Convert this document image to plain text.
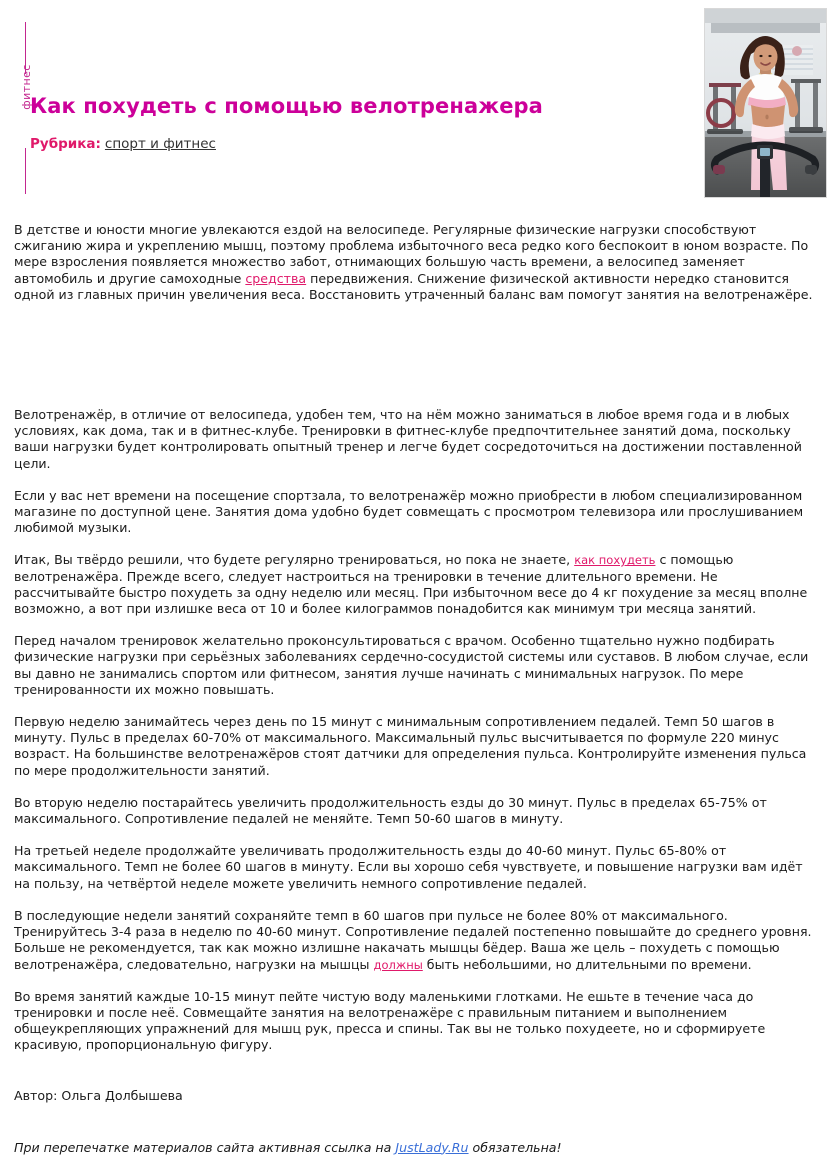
фитнес
Как похудеть с помощью велотренажера
Рубрика: спорт и фитнес

В детстве и юности многие увлекаются ездой на велосипеде. Регулярные физические нагрузки способствуют сжиганию жира и укреплению мышц, поэтому проблема избыточного веса редко кого беспокоит в юном возрасте. По мере взросления появляется множество забот, отнимающих большую часть времени, а велосипед заменяет автомобиль и другие самоходные средства передвижения. Снижение физической активности нередко становится одной из главных причин увеличения веса. Восстановить утраченный баланс вам помогут занятия на велотренажёре.

Велотренажёр, в отличие от велосипеда, удобен тем, что на нём можно заниматься в любое время года и в любых условиях, как дома, так и в фитнес-клубе. Тренировки в фитнес-клубе предпочтительнее занятий дома, поскольку ваши нагрузки будет контролировать опытный тренер и легче будет сосредоточиться на достижении поставленной цели.

Если у вас нет времени на посещение спортзала, то велотренажёр можно приобрести в любом специализированном магазине по доступной цене. Занятия дома удобно будет совмещать с просмотром телевизора или прослушиванием любимой музыки.

Итак, Вы твёрдо решили, что будете регулярно тренироваться, но пока не знаете, как похудеть с помощью велотренажёра. Прежде всего, следует настроиться на тренировки в течение длительного времени. Не рассчитывайте быстро похудеть за одну неделю или месяц. При избыточном весе до 4 кг похудение за месяц вполне возможно, а вот при излишке веса от 10 и более килограммов понадобится как минимум три месяца занятий.

Перед началом тренировок желательно проконсультироваться с врачом. Особенно тщательно нужно подбирать физические нагрузки при серьёзных заболеваниях сердечно-сосудистой системы или суставов. В любом случае, если вы давно не занимались спортом или фитнесом, занятия лучше начинать с минимальных нагрузок. По мере тренированности их можно повышать.

Первую неделю занимайтесь через день по 15 минут с минимальным сопротивлением педалей. Темп 50 шагов в минуту. Пульс в пределах 60-70% от максимального. Максимальный пульс высчитывается по формуле 220 минус возраст. На большинстве велотренажёров стоят датчики для определения пульса. Контролируйте изменения пульса по мере продолжительности занятий.

Во вторую неделю постарайтесь увеличить продолжительность езды до 30 минут. Пульс в пределах 65-75% от максимального. Сопротивление педалей не меняйте. Темп 50-60 шагов в минуту.

На третьей неделе продолжайте увеличивать продолжительность езды до 40-60 минут. Пульс 65-80% от максимального. Темп не более 60 шагов в минуту. Если вы хорошо себя чувствуете, и повышение нагрузки вам идёт на пользу, на четвёртой неделе можете увеличить немного сопротивление педалей.

В последующие недели занятий сохраняйте темп в 60 шагов при пульсе не более 80% от максимального. Тренируйтесь 3-4 раза в неделю по 40-60 минут. Сопротивление педалей постепенно повышайте до среднего уровня. Больше не рекомендуется, так как можно излишне накачать мышцы бёдер. Ваша же цель – похудеть с помощью велотренажёра, следовательно, нагрузки на мышцы должны быть небольшими, но длительными по времени.

Во время занятий каждые 10-15 минут пейте чистую воду маленькими глотками. Не ешьте в течение часа до тренировки и после неё. Совмещайте занятия на велотренажёре с правильным питанием и выполнением общеукрепляющих упражнений для мышц рук, пресса и спины. Так вы не только похудеете, но и сформируете красивую, пропорциональную фигуру.

Автор: Ольга Долбышева
При перепечатке материалов сайта активная ссылка на JustLady.Ru обязательна!
